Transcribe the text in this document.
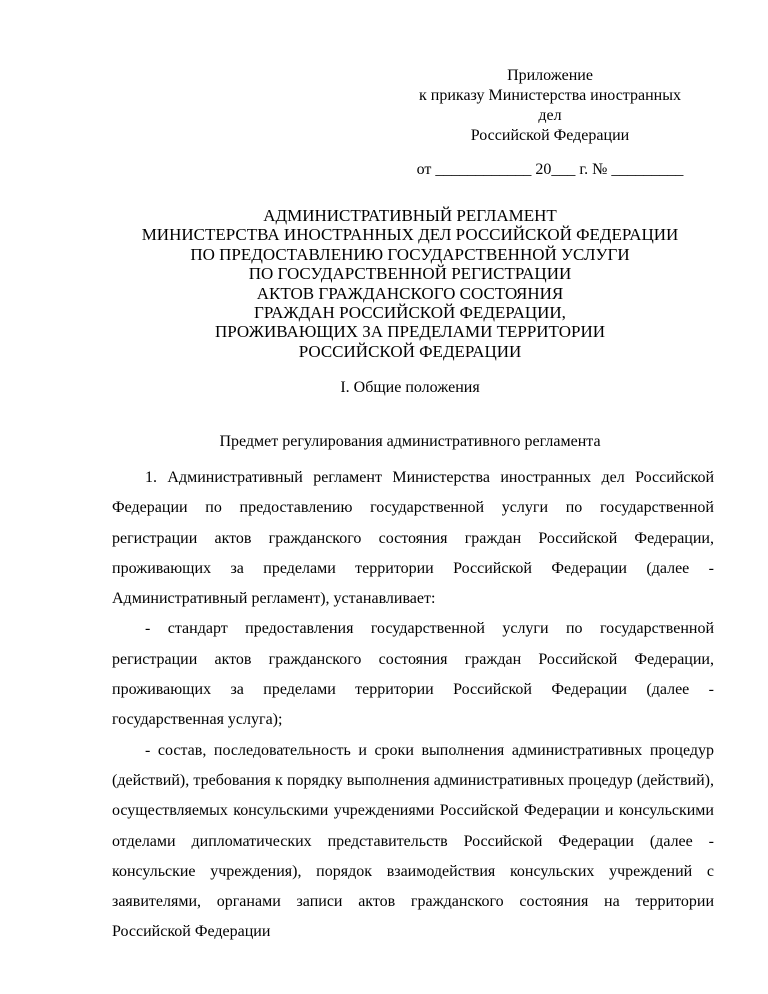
Приложение
к приказу Министерства иностранных
дел
Российской Федерации
от ____________ 20___ г. № _________
АДМИНИСТРАТИВНЫЙ РЕГЛАМЕНТ
МИНИСТЕРСТВА ИНОСТРАННЫХ ДЕЛ РОССИЙСКОЙ ФЕДЕРАЦИИ
ПО ПРЕДОСТАВЛЕНИЮ ГОСУДАРСТВЕННОЙ УСЛУГИ
ПО ГОСУДАРСТВЕННОЙ РЕГИСТРАЦИИ
АКТОВ ГРАЖДАНСКОГО СОСТОЯНИЯ
ГРАЖДАН РОССИЙСКОЙ ФЕДЕРАЦИИ,
ПРОЖИВАЮЩИХ ЗА ПРЕДЕЛАМИ ТЕРРИТОРИИ
РОССИЙСКОЙ ФЕДЕРАЦИИ
I. Общие положения
Предмет регулирования административного регламента

1. Административный регламент Министерства иностранных дел Российской Федерации по предоставлению государственной услуги по государственной регистрации актов гражданского состояния граждан Российской Федерации, проживающих за пределами территории Российской Федерации (далее - Административный регламент), устанавливает:

- стандарт предоставления государственной услуги по государственной регистрации актов гражданского состояния граждан Российской Федерации, проживающих за пределами территории Российской Федерации (далее - государственная услуга);

- состав, последовательность и сроки выполнения административных процедур (действий), требования к порядку выполнения административных процедур (действий), осуществляемых консульскими учреждениями Российской Федерации и консульскими отделами дипломатических представительств Российской Федерации (далее - консульские учреждения), порядок взаимодействия консульских учреждений с заявителями, органами записи актов гражданского состояния на территории Российской Федерации
